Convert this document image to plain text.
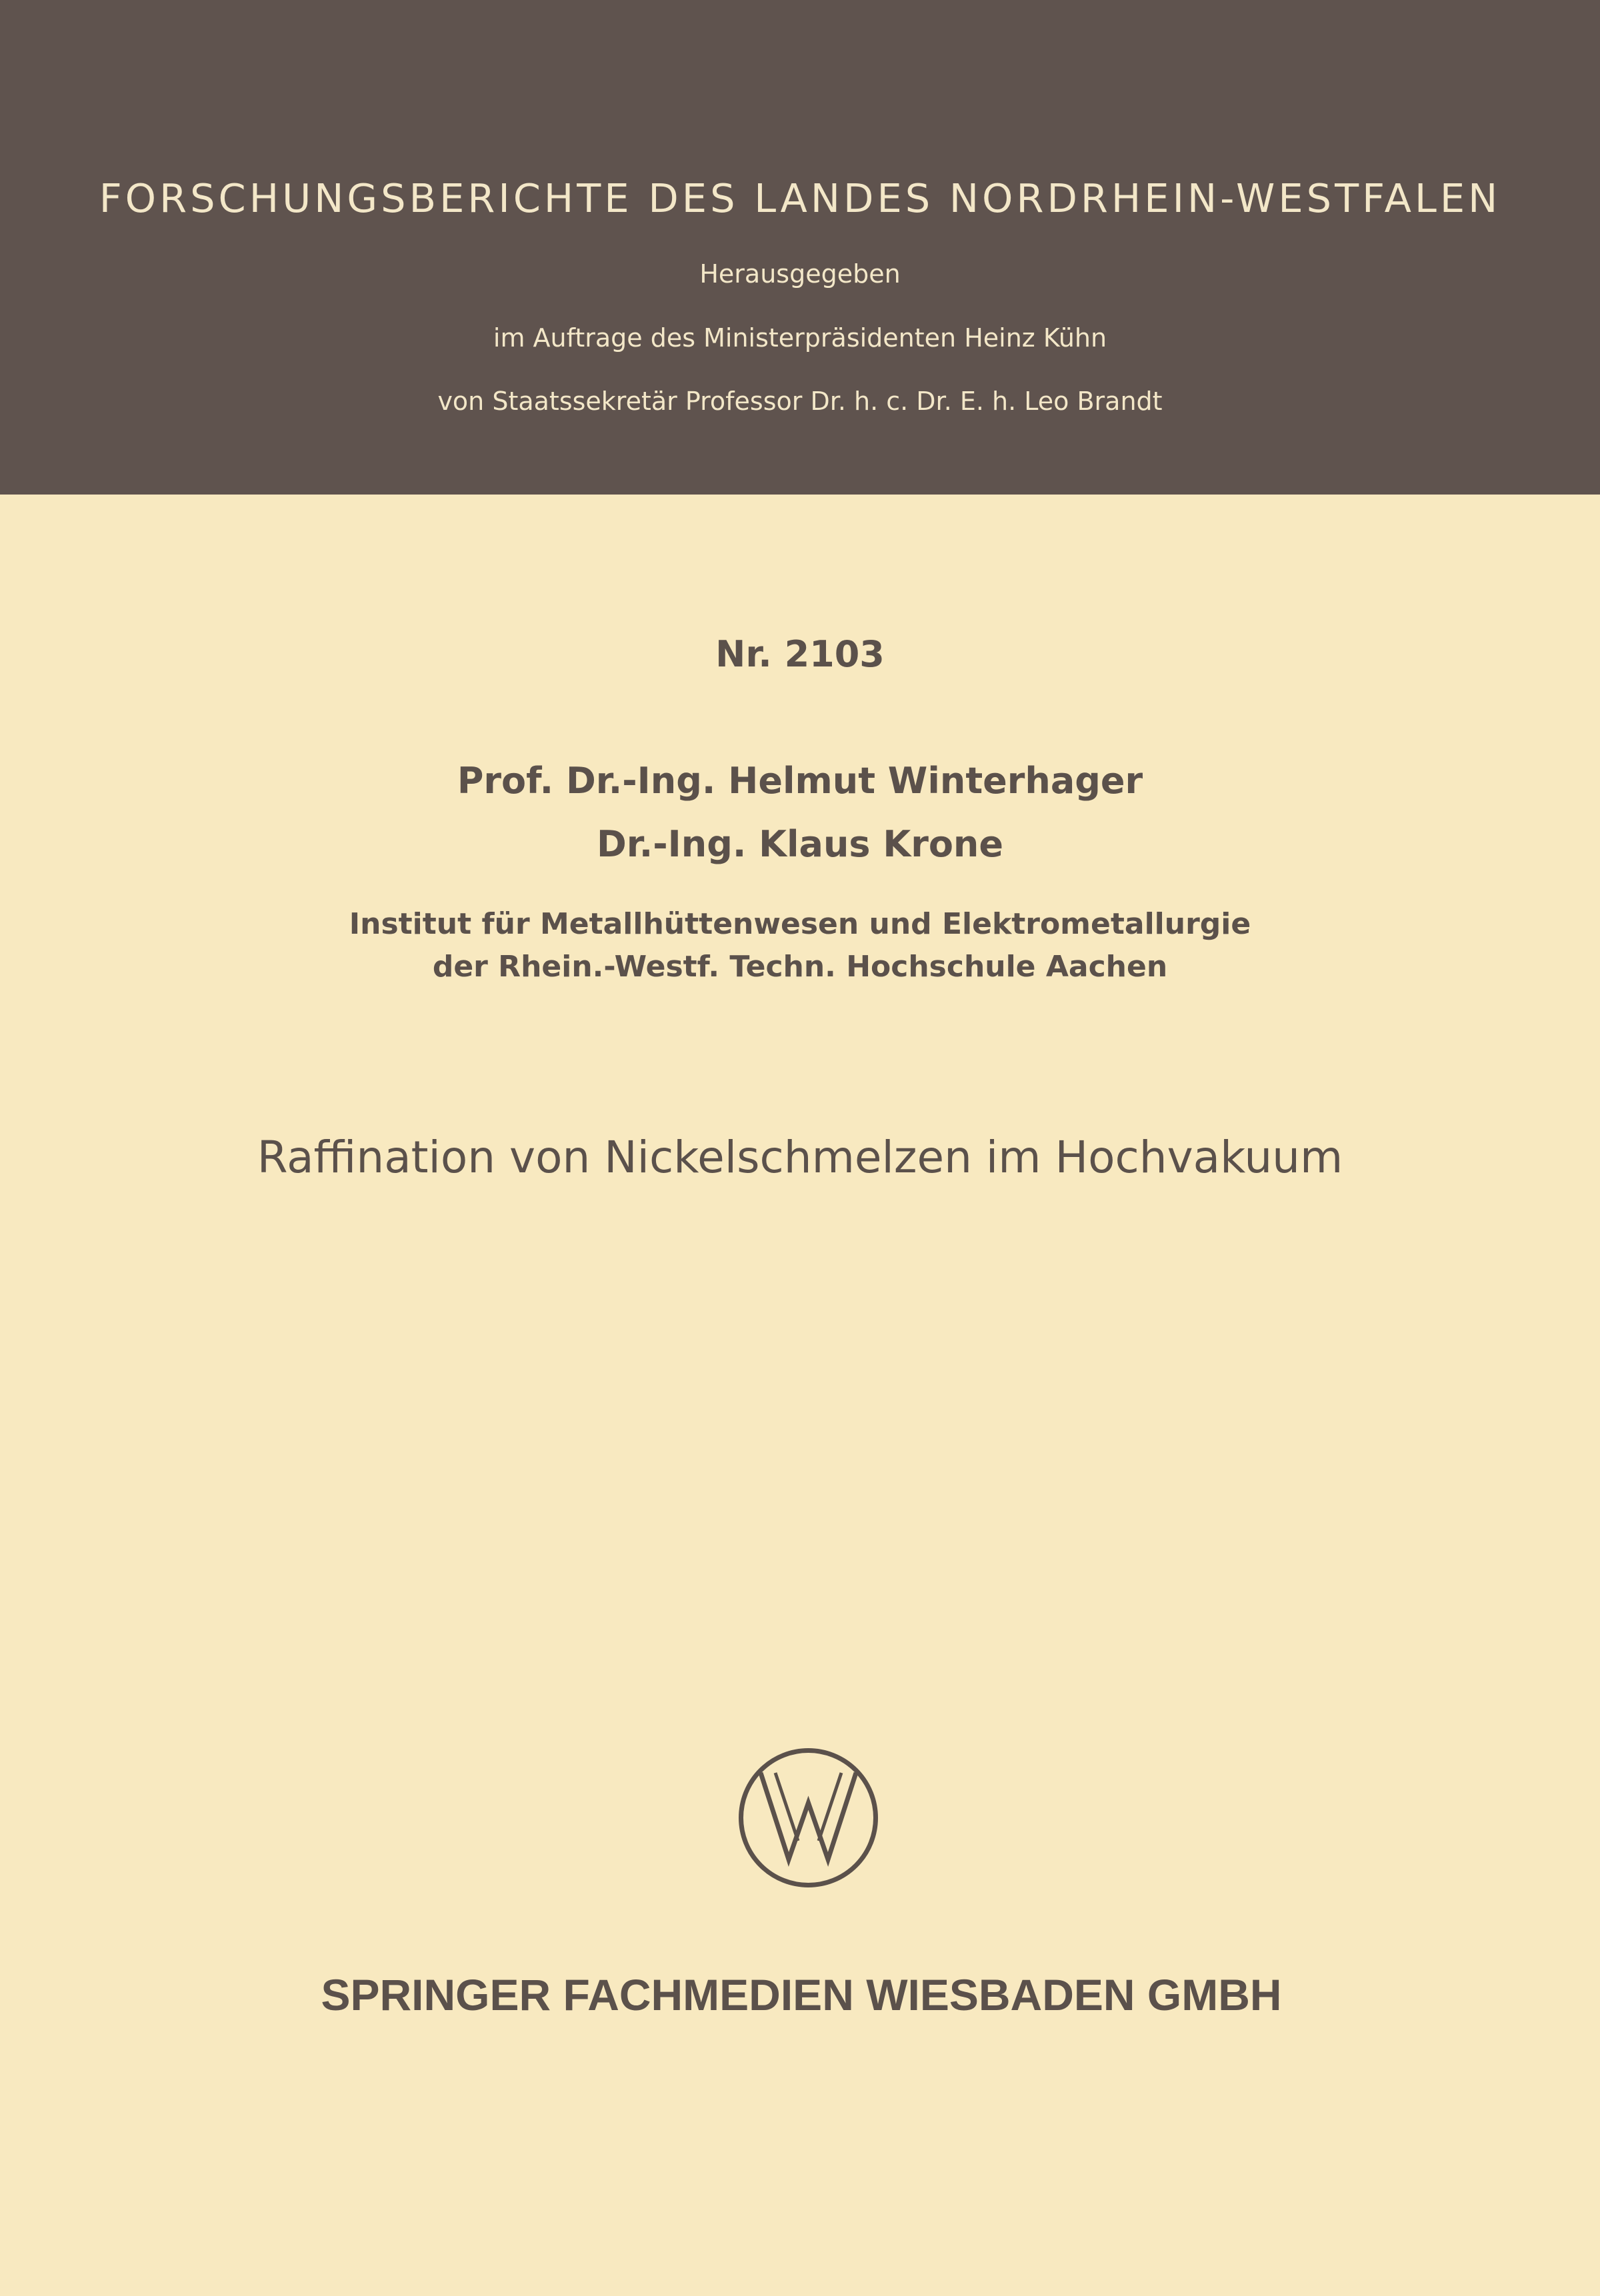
FORSCHUNGSBERICHTE DES LANDES NORDRHEIN-WESTFALEN
Herausgegeben
im Auftrage des Ministerpräsidenten Heinz Kühn
von Staatssekretär Professor Dr. h. c. Dr. E. h. Leo Brandt
Nr. 2103
Prof. Dr.-Ing. Helmut Winterhager
Dr.-Ing. Klaus Krone
Institut für Metallhüttenwesen und Elektrometallurgie
der Rhein.-Westf. Techn. Hochschule Aachen
Raffination von Nickelschmelzen im Hochvakuum
SPRINGER FACHMEDIEN WIESBADEN GMBH
